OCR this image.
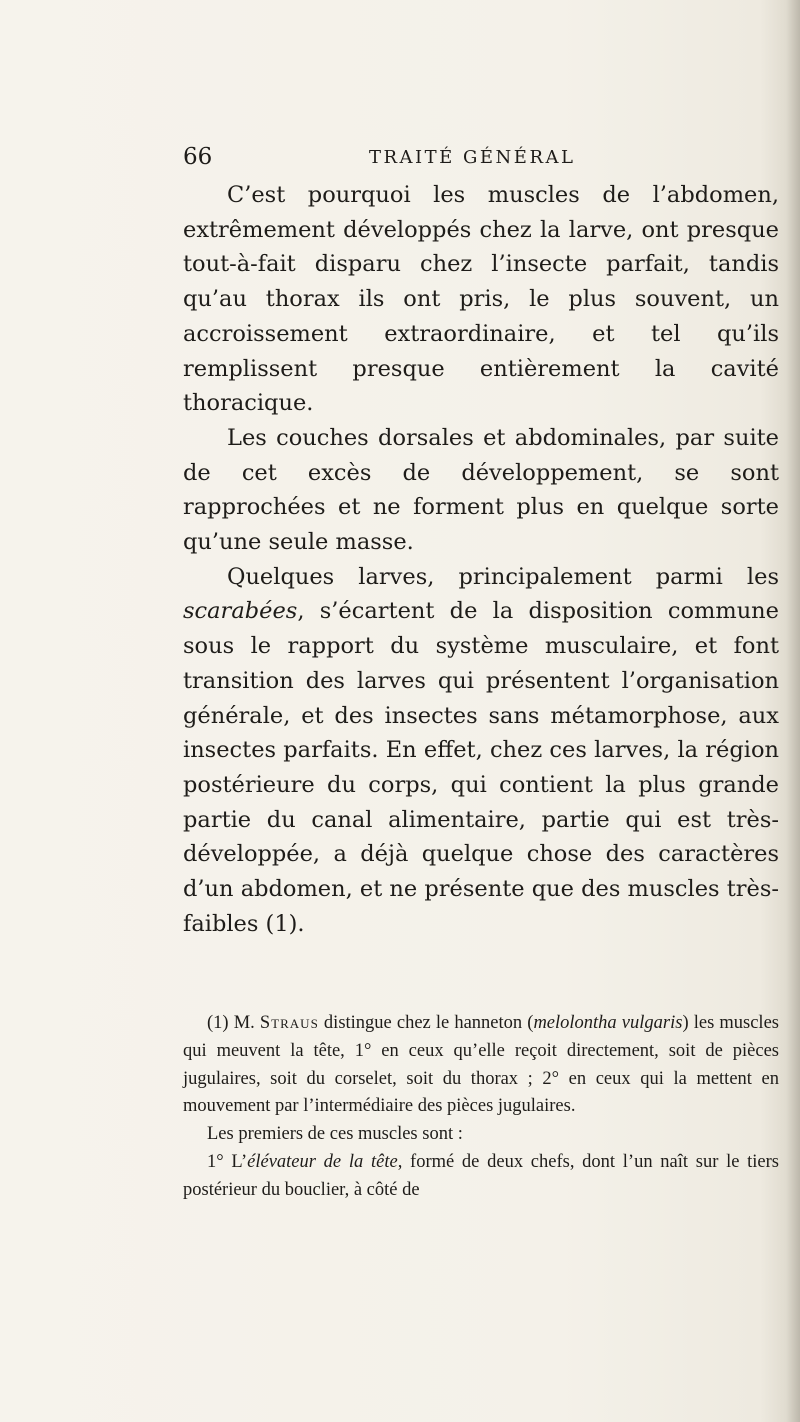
66	TRAITÉ GÉNÉRAL

C’est pourquoi les muscles de l’abdomen, extrêmement développés chez la larve, ont presque tout-à-fait disparu chez l’insecte parfait, tandis qu’au thorax ils ont pris, le plus souvent, un accroissement extraordinaire, et tel qu’ils remplissent presque entièrement la cavité thoracique.

Les couches dorsales et abdominales, par suite de cet excès de développement, se sont rapprochées et ne forment plus en quelque sorte qu’une seule masse.

Quelques larves, principalement parmi les scarabées, s’écartent de la disposition commune sous le rapport du système musculaire, et font transition des larves qui présentent l’organisation générale, et des insectes sans métamorphose, aux insectes parfaits. En effet, chez ces larves, la région postérieure du corps, qui contient la plus grande partie du canal alimentaire, partie qui est très-développée, a déjà quelque chose des caractères d’un abdomen, et ne présente que des muscles très-faibles (1).

(1) M. Straus distingue chez le hanneton (melolontha vulgaris) les muscles qui meuvent la tête, 1° en ceux qu’elle reçoit directement, soit de pièces jugulaires, soit du corselet, soit du thorax ; 2° en ceux qui la mettent en mouvement par l’intermédiaire des pièces jugulaires.

Les premiers de ces muscles sont :

1° L’élévateur de la tête, formé de deux chefs, dont l’un naît sur le tiers postérieur du bouclier, à côté de
